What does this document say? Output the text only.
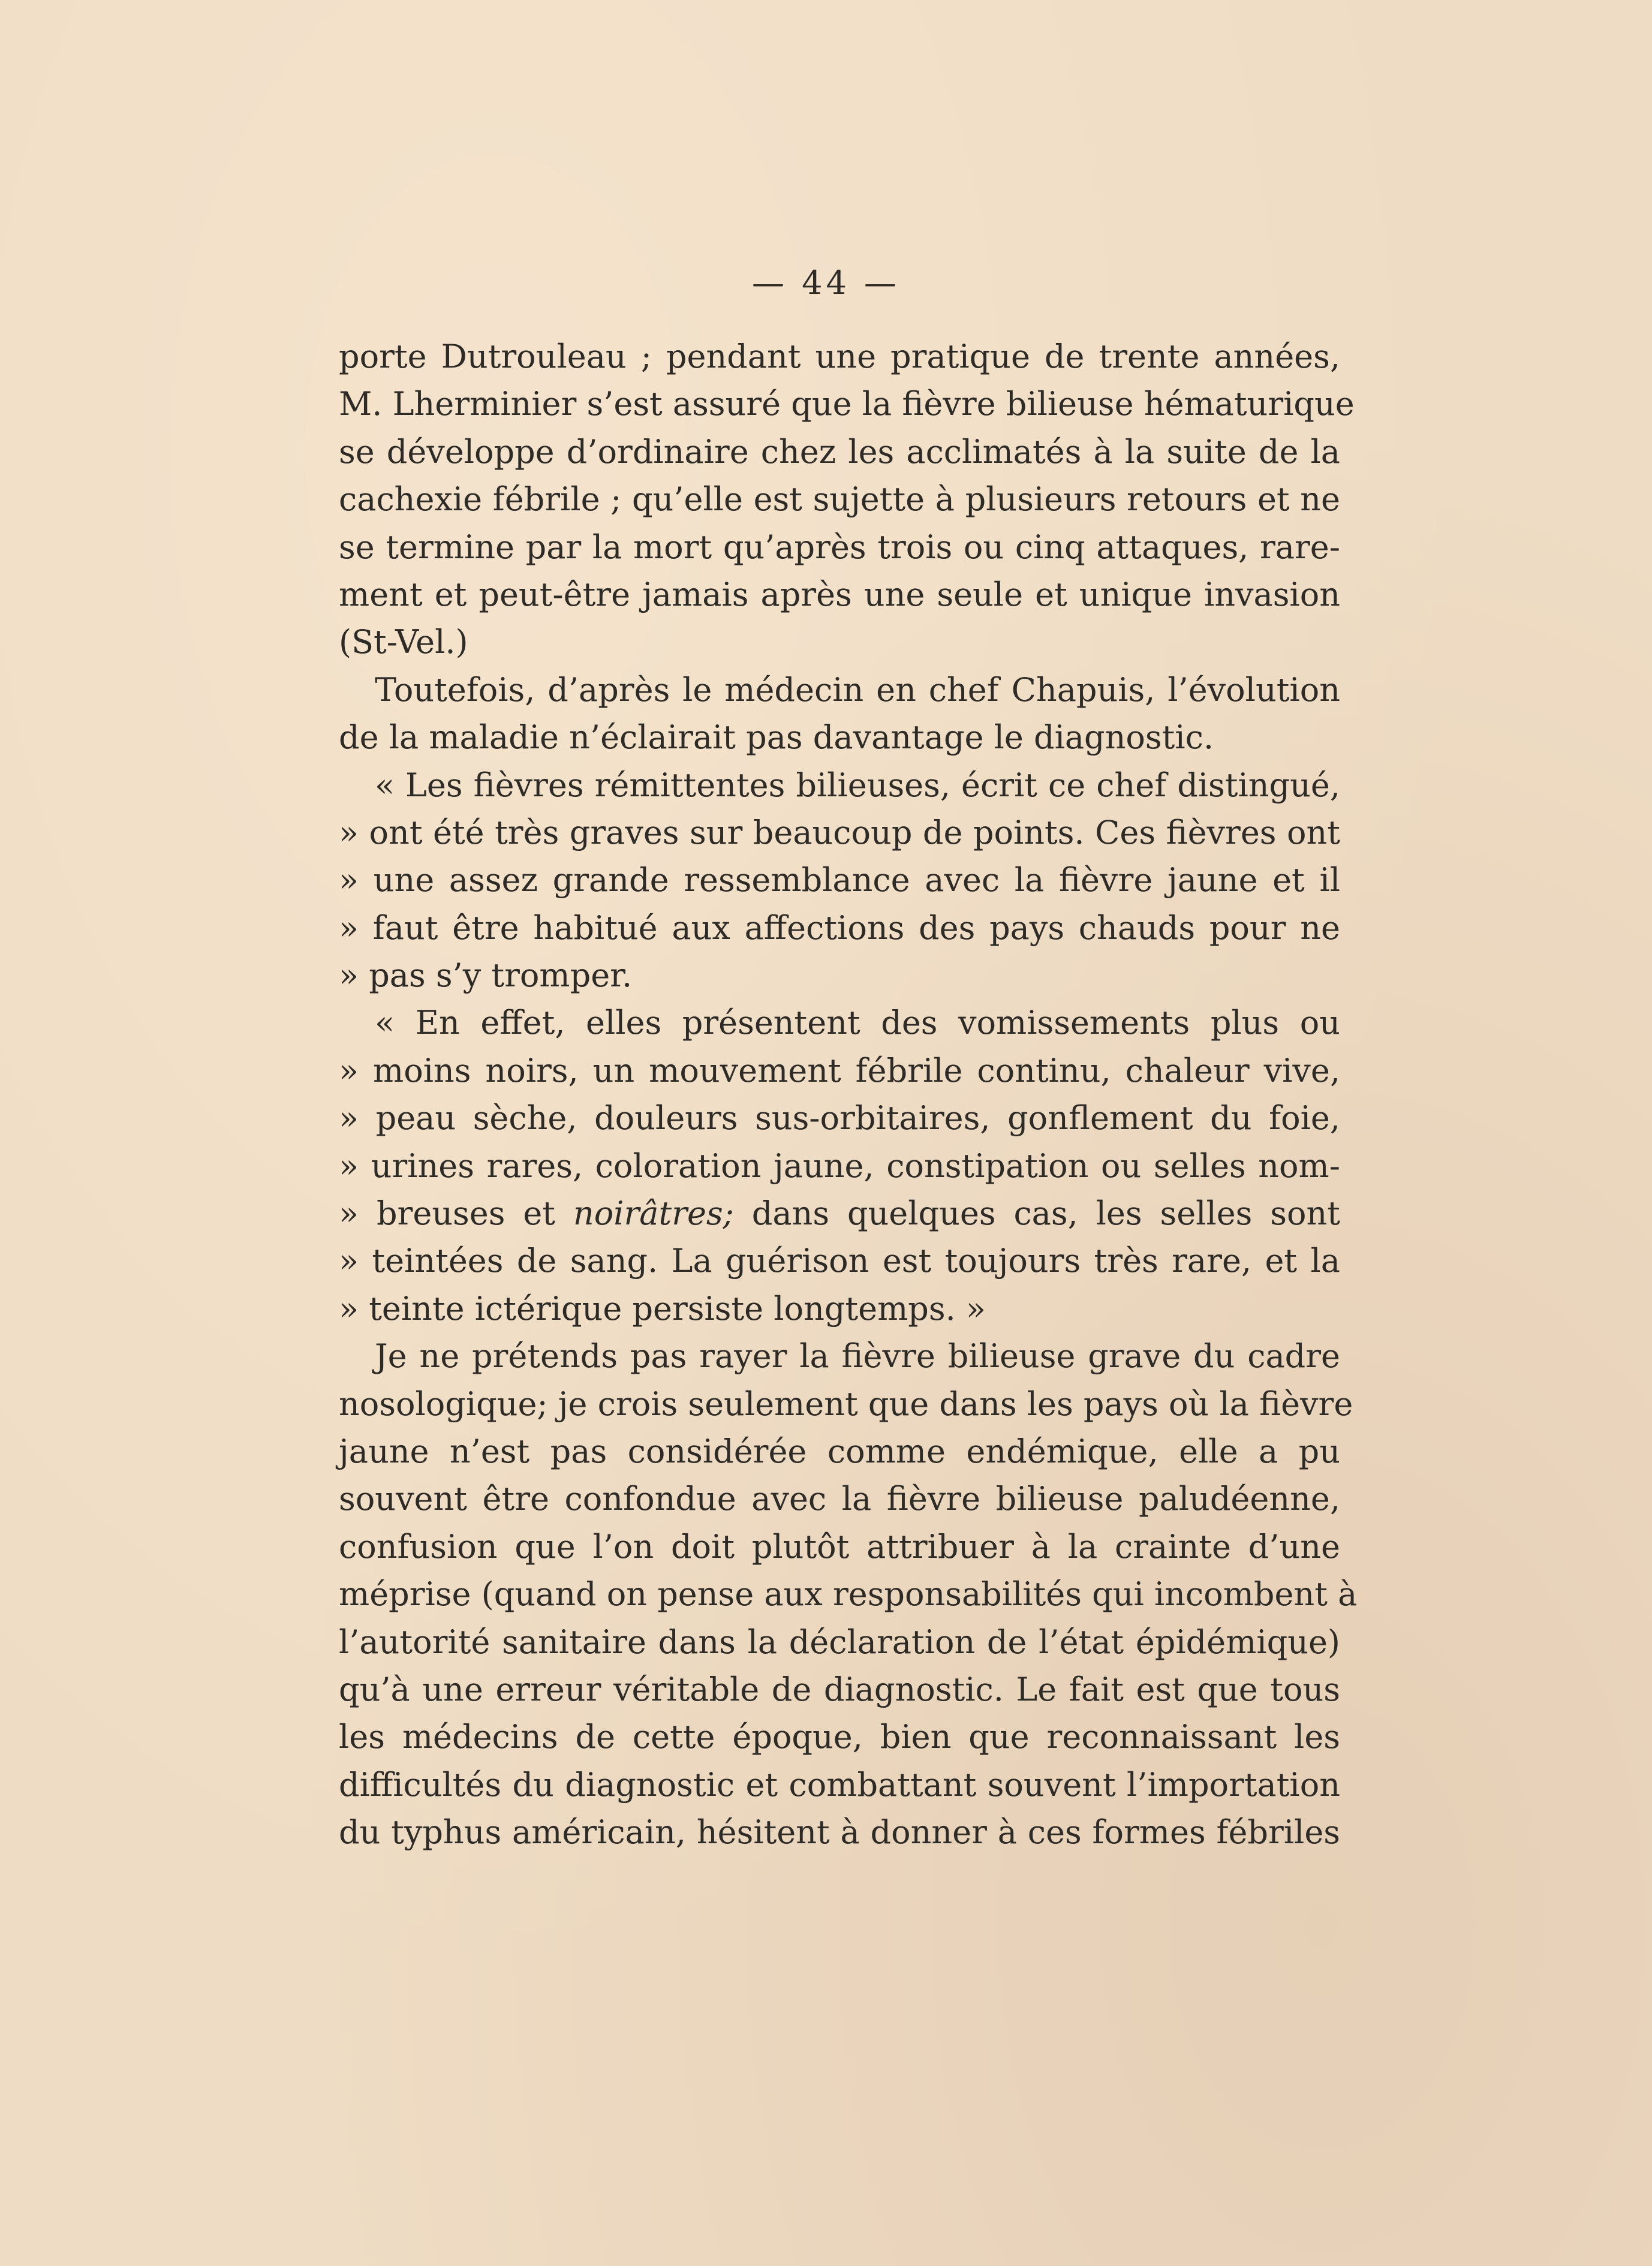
— 44 —
porte Dutrouleau ; pendant une pratique de trente années,
M. Lherminier s’est assuré que la fièvre bilieuse hématurique
se développe d’ordinaire chez les acclimatés à la suite de la
cachexie fébrile ; qu’elle est sujette à plusieurs retours et ne
se termine par la mort qu’après trois ou cinq attaques, rare-
ment et peut-être jamais après une seule et unique invasion
(St-Vel.)
Toutefois, d’après le médecin en chef Chapuis, l’évolution
de la maladie n’éclairait pas davantage le diagnostic.
« Les fièvres rémittentes bilieuses, écrit ce chef distingué,
» ont été très graves sur beaucoup de points. Ces fièvres ont
» une assez grande ressemblance avec la fièvre jaune et il
» faut être habitué aux affections des pays chauds pour ne
» pas s’y tromper.
« En effet, elles présentent des vomissements plus ou
» moins noirs, un mouvement fébrile continu, chaleur vive,
» peau sèche, douleurs sus-orbitaires, gonflement du foie,
» urines rares, coloration jaune, constipation ou selles nom-
» breuses et noirâtres; dans quelques cas, les selles sont
» teintées de sang. La guérison est toujours très rare, et la
» teinte ictérique persiste longtemps. »
Je ne prétends pas rayer la fièvre bilieuse grave du cadre
nosologique; je crois seulement que dans les pays où la fièvre
jaune n’est pas considérée comme endémique, elle a pu
souvent être confondue avec la fièvre bilieuse paludéenne,
confusion que l’on doit plutôt attribuer à la crainte d’une
méprise (quand on pense aux responsabilités qui incombent à
l’autorité sanitaire dans la déclaration de l’état épidémique)
qu’à une erreur véritable de diagnostic. Le fait est que tous
les médecins de cette époque, bien que reconnaissant les
difficultés du diagnostic et combattant souvent l’importation
du typhus américain, hésitent à donner à ces formes fébriles
